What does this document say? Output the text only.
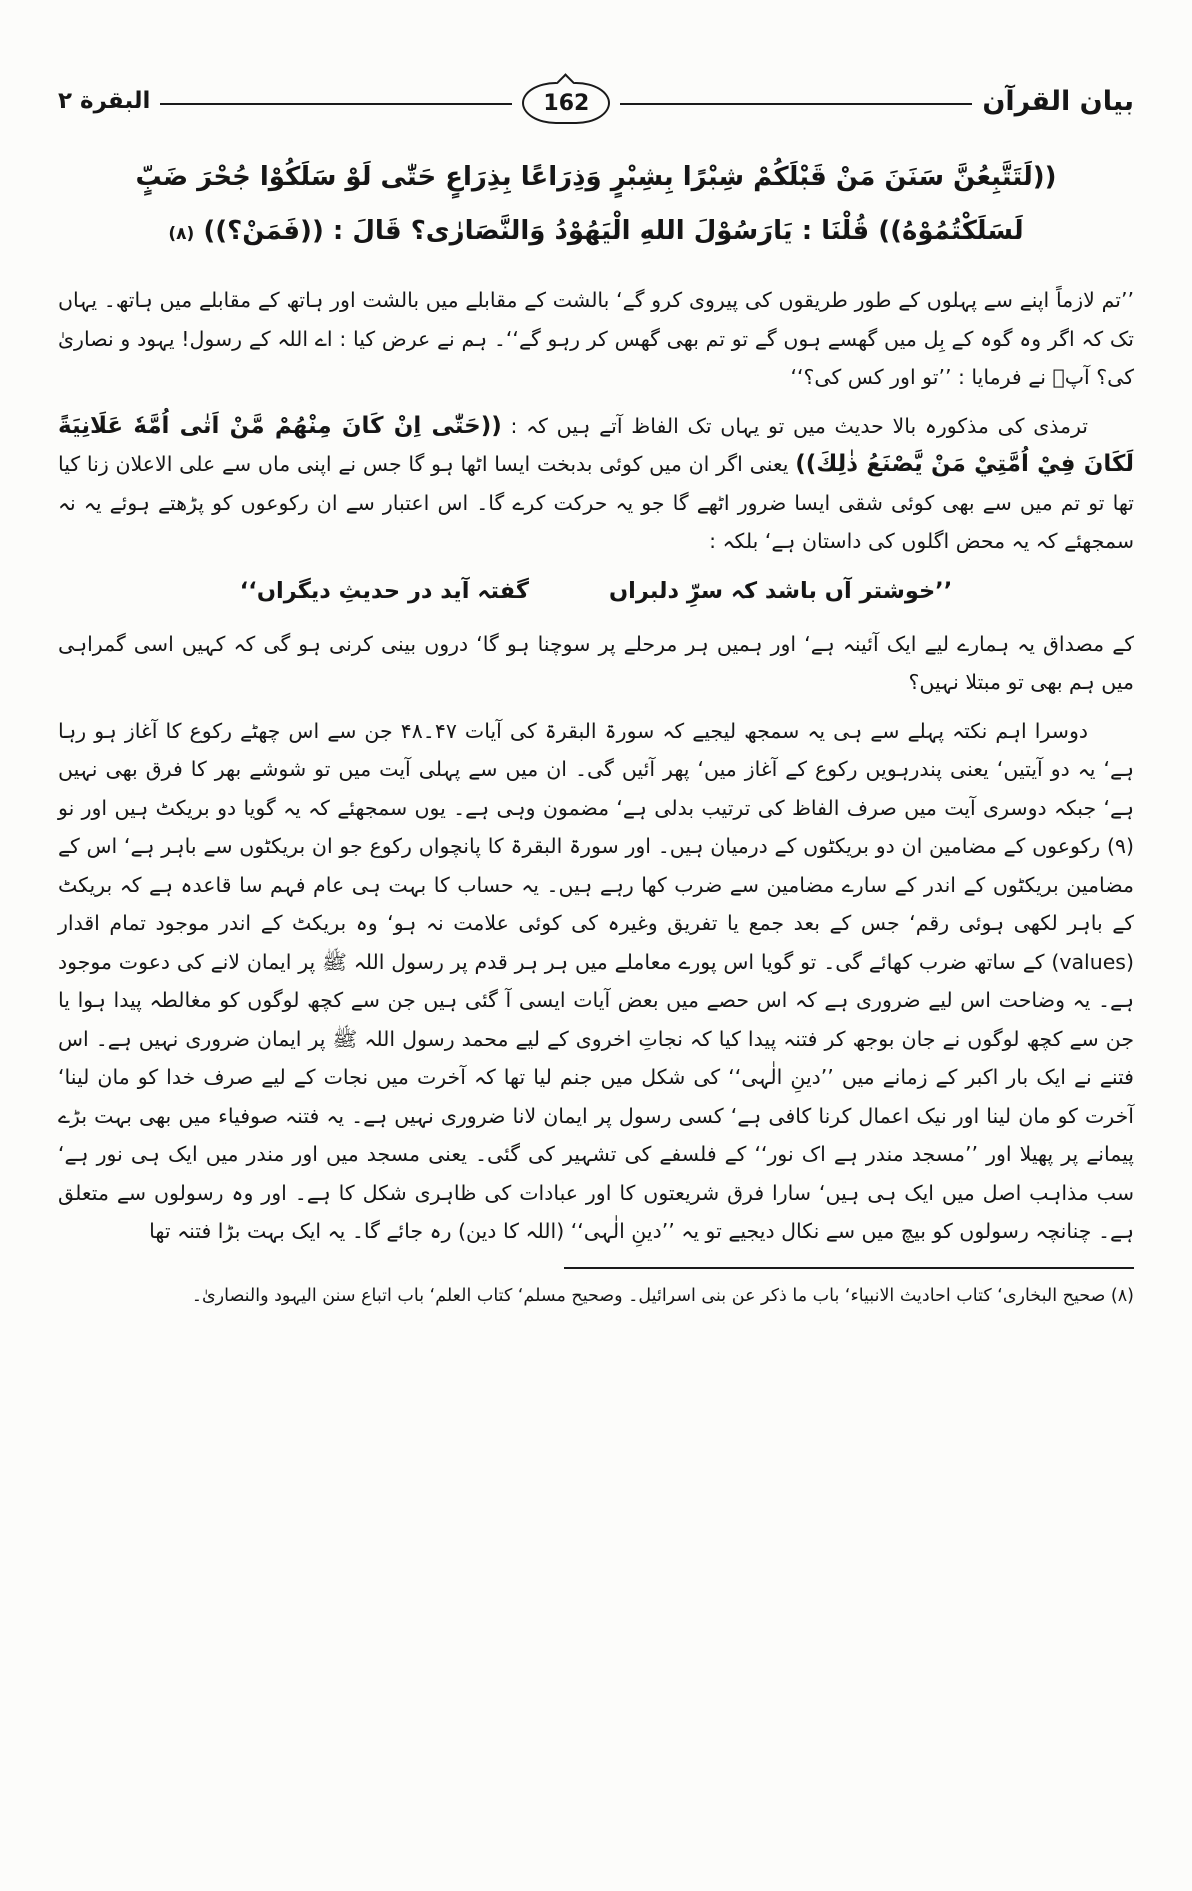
بیان القرآن
162
البقرة ٢

((لَتَتَّبِعُنَّ سَنَنَ مَنْ قَبْلَكُمْ شِبْرًا بِشِبْرٍ وَذِرَاعًا بِذِرَاعٍ حَتّٰى لَوْ سَلَكُوْا جُحْرَ ضَبٍّ لَسَلَكْتُمُوْهُ)) قُلْنَا : يَارَسُوْلَ اللهِ الْيَهُوْدُ وَالنَّصَارٰى؟ قَالَ : ((فَمَنْ؟)) (٨)

’’تم لازماً اپنے سے پہلوں کے طور طریقوں کی پیروی کرو گے‘ بالشت کے مقابلے میں بالشت اور ہاتھ کے مقابلے میں ہاتھ۔ یہاں تک کہ اگر وہ گوہ کے بِل میں گھسے ہوں گے تو تم بھی گھس کر رہو گے‘‘۔ ہم نے عرض کیا : اے اللہ کے رسول! یہود و نصاریٰ کی؟ آپؐ نے فرمایا : ’’تو اور کس کی؟‘‘

ترمذی کی مذکورہ بالا حدیث میں تو یہاں تک الفاظ آتے ہیں کہ : ((حَتّٰى اِنْ كَانَ مِنْهُمْ مَّنْ اَتٰى اُمَّهٗ عَلَانِيَةً لَكَانَ فِيْ اُمَّتِيْ مَنْ يَّصْنَعُ ذٰلِكَ)) یعنی اگر ان میں کوئی بدبخت ایسا اٹھا ہو گا جس نے اپنی ماں سے علی الاعلان زنا کیا تھا تو تم میں سے بھی کوئی شقی ایسا ضرور اٹھے گا جو یہ حرکت کرے گا۔ اس اعتبار سے ان رکوعوں کو پڑھتے ہوئے یہ نہ سمجھئے کہ یہ محض اگلوں کی داستان ہے‘ بلکہ :

’’خوشتر آں باشد کہ سرِّ دلبراں
گفتہ آید در حدیثِ دیگراں‘‘

کے مصداق یہ ہمارے لیے ایک آئینہ ہے‘ اور ہمیں ہر مرحلے پر سوچنا ہو گا‘ دروں بینی کرنی ہو گی کہ کہیں اسی گمراہی میں ہم بھی تو مبتلا نہیں؟

دوسرا اہم نکتہ پہلے سے ہی یہ سمجھ لیجیے کہ سورۃ البقرۃ کی آیات ۴۷۔۴۸ جن سے اس چھٹے رکوع کا آغاز ہو رہا ہے‘ یہ دو آیتیں‘ یعنی پندرہویں رکوع کے آغاز میں‘ پھر آئیں گی۔ ان میں سے پہلی آیت میں تو شوشے بھر کا فرق بھی نہیں ہے‘ جبکہ دوسری آیت میں صرف الفاظ کی ترتیب بدلی ہے‘ مضمون وہی ہے۔ یوں سمجھئے کہ یہ گویا دو بریکٹ ہیں اور نو (۹) رکوعوں کے مضامین ان دو بریکٹوں کے درمیان ہیں۔ اور سورۃ البقرۃ کا پانچواں رکوع جو ان بریکٹوں سے باہر ہے‘ اس کے مضامین بریکٹوں کے اندر کے سارے مضامین سے ضرب کھا رہے ہیں۔ یہ حساب کا بہت ہی عام فہم سا قاعدہ ہے کہ بریکٹ کے باہر لکھی ہوئی رقم‘ جس کے بعد جمع یا تفریق وغیرہ کی کوئی علامت نہ ہو‘ وہ بریکٹ کے اندر موجود تمام اقدار (values) کے ساتھ ضرب کھائے گی۔ تو گویا اس پورے معاملے میں ہر ہر قدم پر رسول اللہ ﷺ پر ایمان لانے کی دعوت موجود ہے۔ یہ وضاحت اس لیے ضروری ہے کہ اس حصے میں بعض آیات ایسی آ گئی ہیں جن سے کچھ لوگوں کو مغالطہ پیدا ہوا یا جن سے کچھ لوگوں نے جان بوجھ کر فتنہ پیدا کیا کہ نجاتِ اخروی کے لیے محمد رسول اللہ ﷺ پر ایمان ضروری نہیں ہے۔ اس فتنے نے ایک بار اکبر کے زمانے میں ’’دینِ الٰہی‘‘ کی شکل میں جنم لیا تھا کہ آخرت میں نجات کے لیے صرف خدا کو مان لینا‘ آخرت کو مان لینا اور نیک اعمال کرنا کافی ہے‘ کسی رسول پر ایمان لانا ضروری نہیں ہے۔ یہ فتنہ صوفیاء میں بھی بہت بڑے پیمانے پر پھیلا اور ’’مسجد مندر ہے اک نور‘‘ کے فلسفے کی تشہیر کی گئی۔ یعنی مسجد میں اور مندر میں ایک ہی نور ہے‘ سب مذاہب اصل میں ایک ہی ہیں‘ سارا فرق شریعتوں کا اور عبادات کی ظاہری شکل کا ہے۔ اور وہ رسولوں سے متعلق ہے۔ چنانچہ رسولوں کو بیچ میں سے نکال دیجیے تو یہ ’’دینِ الٰہی‘‘ (اللہ کا دین) رہ جائے گا۔ یہ ایک بہت بڑا فتنہ تھا

(٨) صحیح البخاری‘ کتاب احادیث الانبیاء‘ باب ما ذکر عن بنی اسرائیل۔ وصحیح مسلم‘ کتاب العلم‘ باب اتباع سنن الیہود والنصاریٰ۔
